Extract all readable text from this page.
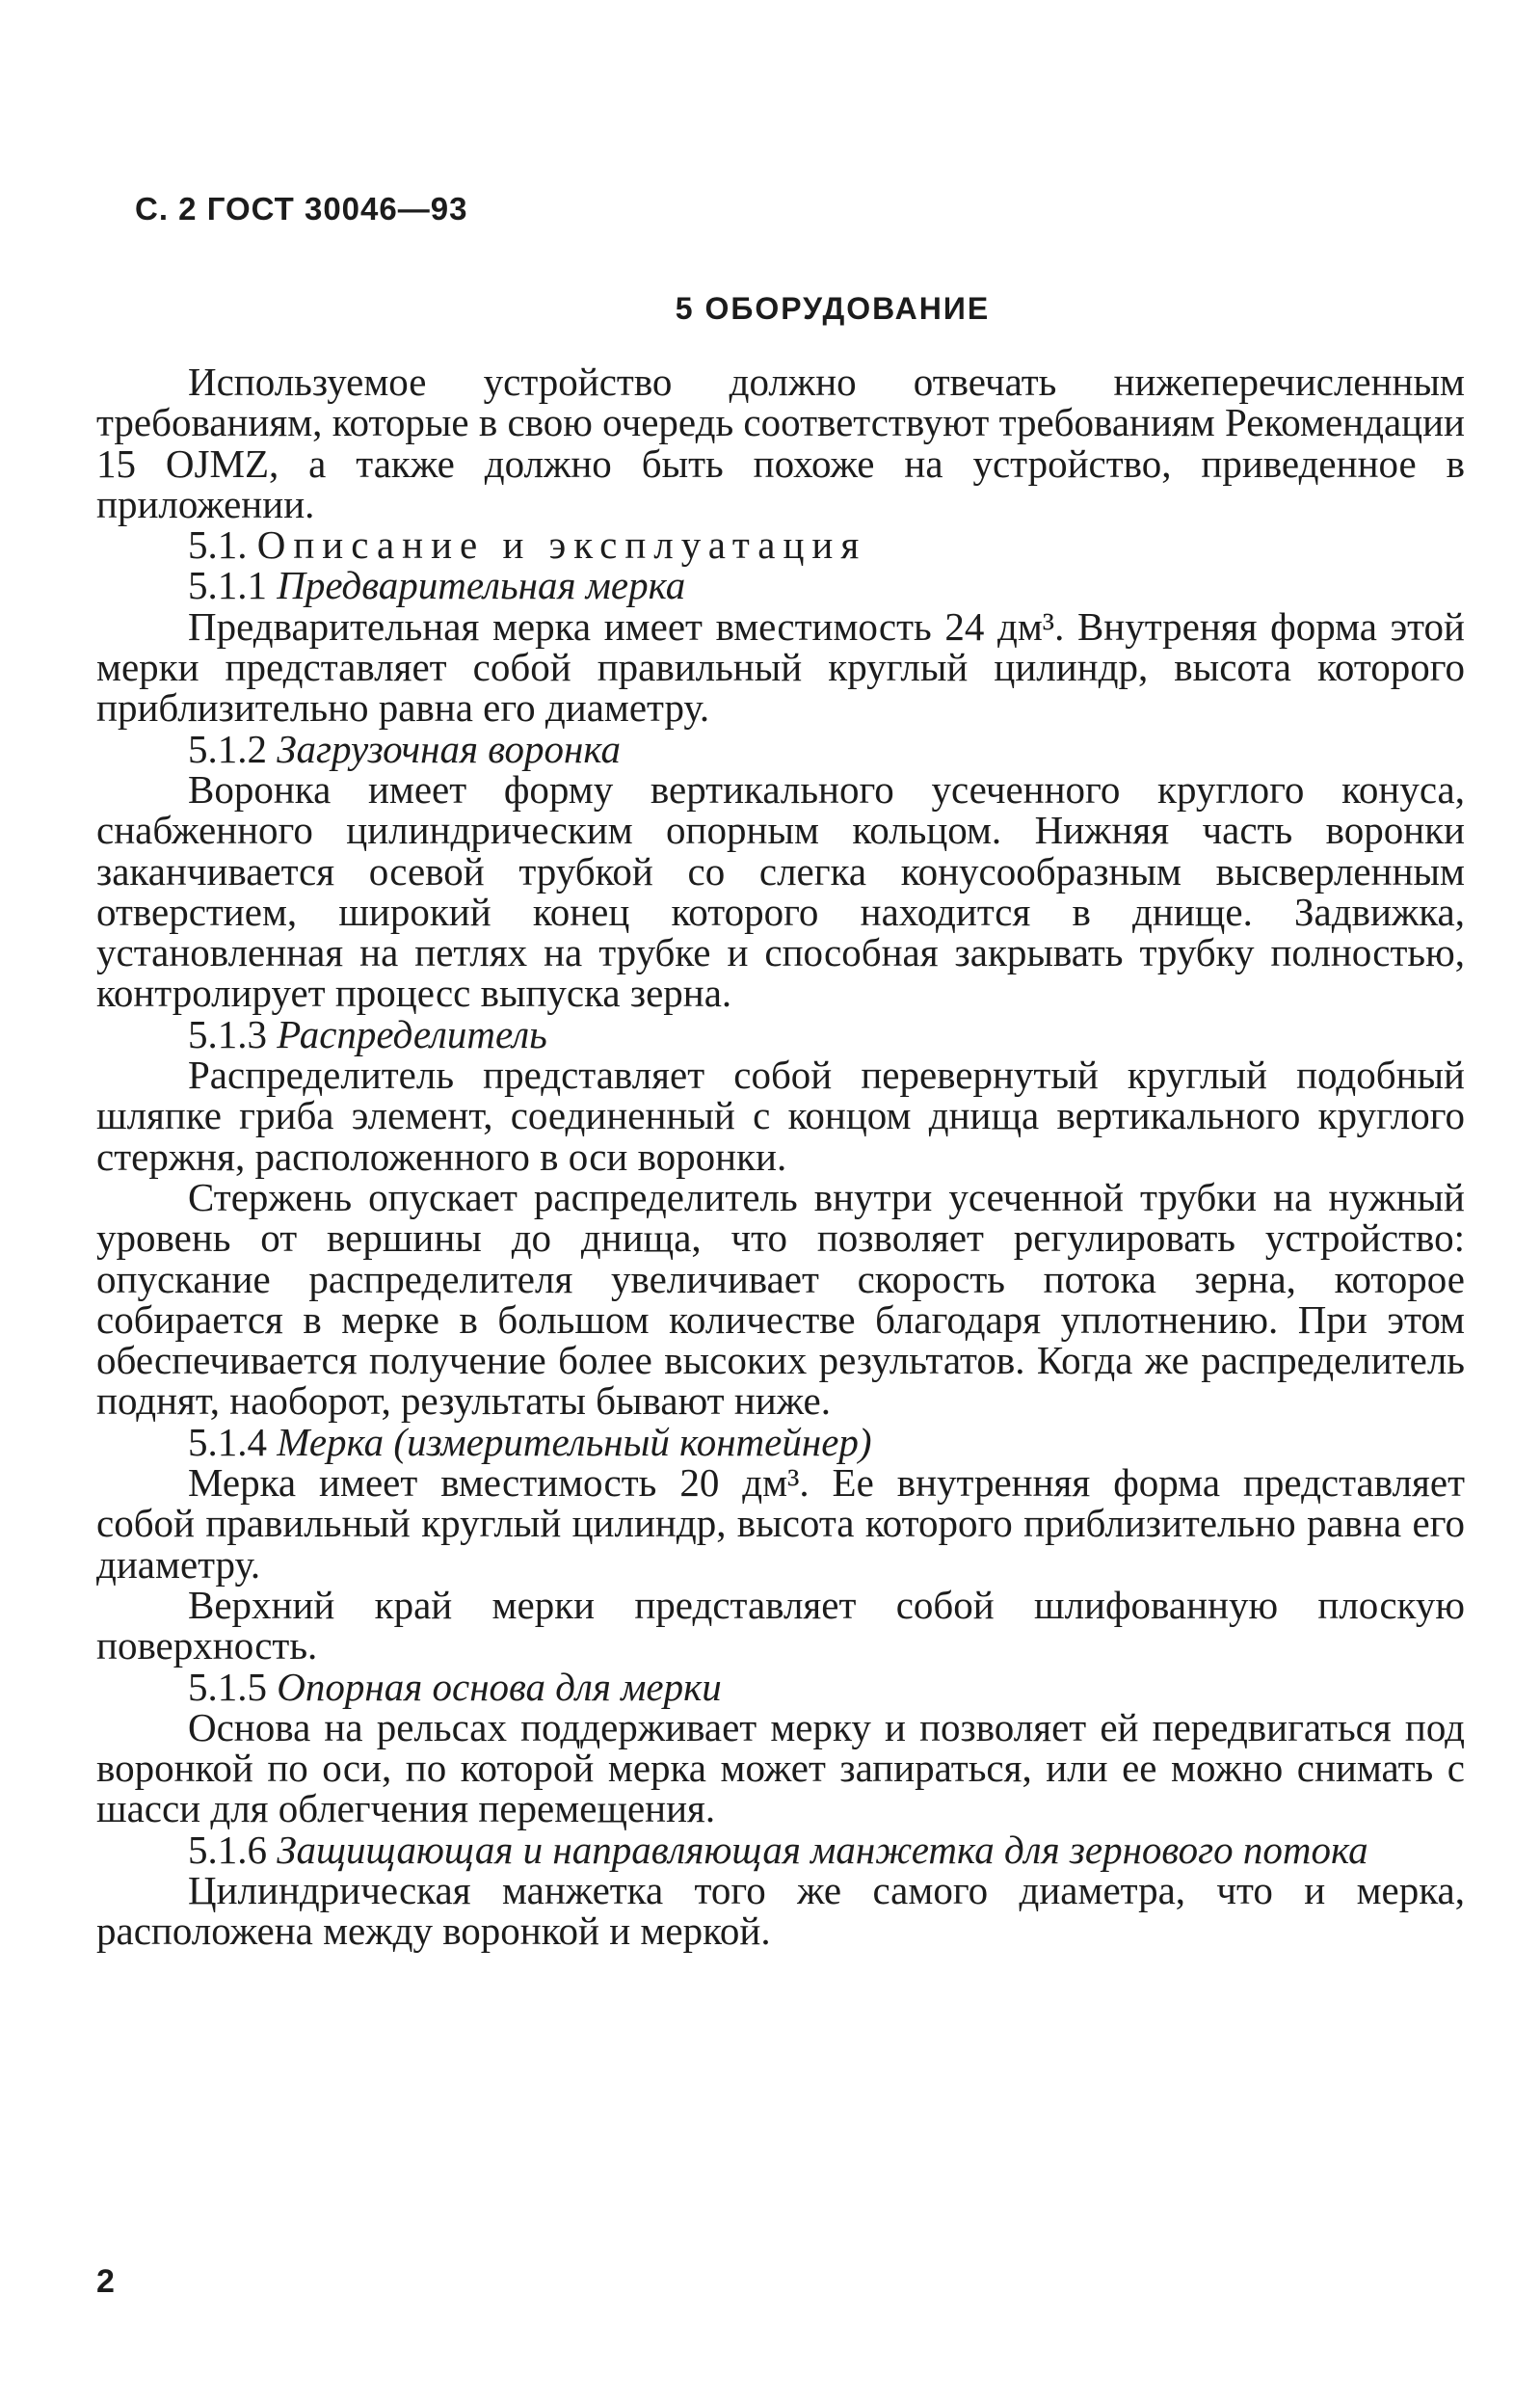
С. 2 ГОСТ 30046—93
5 ОБОРУДОВАНИЕ

Используемое устройство должно отвечать нижеперечисленным требованиям, которые в свою очередь соответствуют требованиям Рекомендации 15 OJMZ, а также должно быть похоже на устройство, приведенное в приложении.

5.1. Описание и эксплуатация

5.1.1 Предварительная мерка

Предварительная мерка имеет вместимость 24 дм³. Внутреняя форма этой мерки представляет собой правильный круглый цилиндр, высота которого приблизительно равна его диаметру.

5.1.2 Загрузочная воронка

Воронка имеет форму вертикального усеченного круглого конуса, снабженного цилиндрическим опорным кольцом. Нижняя часть воронки заканчивается осевой трубкой со слегка конусообразным высверленным отверстием, широкий конец которого находится в днище. Задвижка, установленная на петлях на трубке и способная закрывать трубку полностью, контролирует процесс выпуска зерна.

5.1.3 Распределитель

Распределитель представляет собой перевернутый круглый подобный шляпке гриба элемент, соединенный с концом днища вертикального круглого стержня, расположенного в оси воронки.

Стержень опускает распределитель внутри усеченной трубки на нужный уровень от вершины до днища, что позволяет регулировать устройство: опускание распределителя увеличивает скорость потока зерна, которое собирается в мерке в большом количестве благодаря уплотнению. При этом обеспечивается получение более высоких результатов. Когда же распределитель поднят, наоборот, результаты бывают ниже.

5.1.4 Мерка (измерительный контейнер)

Мерка имеет вместимость 20 дм³. Ее внутренняя форма представляет собой правильный круглый цилиндр, высота которого приблизительно равна его диаметру.

Верхний край мерки представляет собой шлифованную плоскую поверхность.

5.1.5 Опорная основа для мерки

Основа на рельсах поддерживает мерку и позволяет ей передвигаться под воронкой по оси, по которой мерка может запираться, или ее можно снимать с шасси для облегчения перемещения.

5.1.6 Защищающая и направляющая манжетка для зернового потока

Цилиндрическая манжетка того же самого диаметра, что и мерка, расположена между воронкой и меркой.

2
